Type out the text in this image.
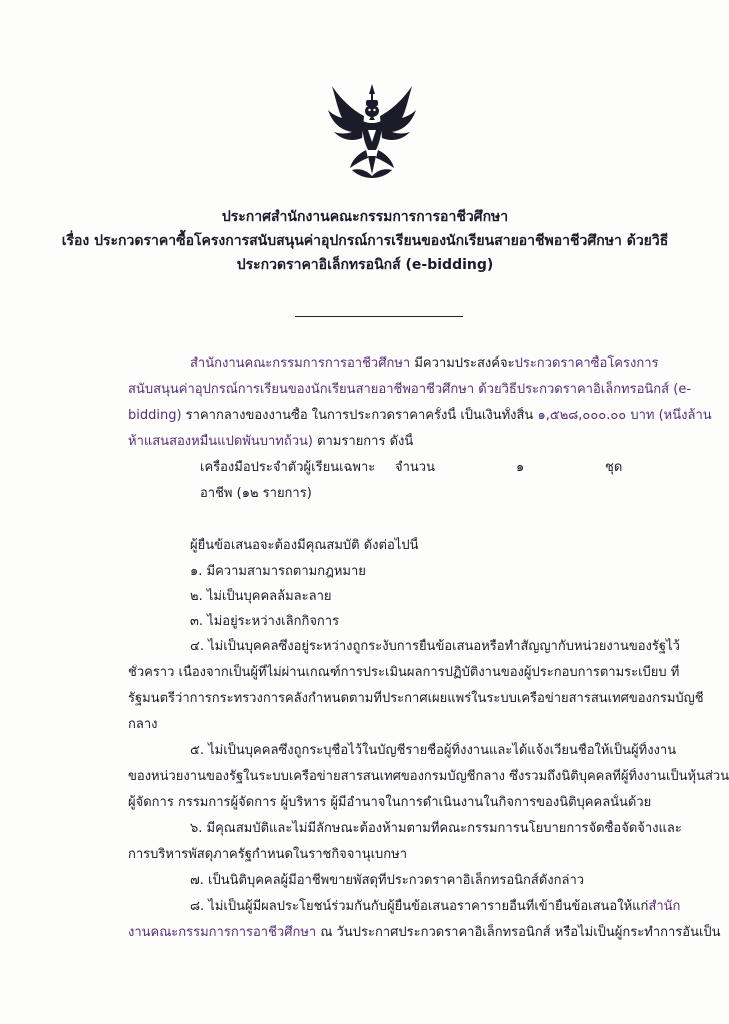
ประกาศสำนักงานคณะกรรมการการอาชีวศึกษา
เรื่อง ประกวดราคาซื้อโครงการสนับสนุนค่าอุปกรณ์การเรียนของนักเรียนสายอาชีพอาชีวศึกษา ด้วยวิธี
ประกวดราคาอิเล็กทรอนิกส์ (e-bidding)
สำนักงานคณะกรรมการการอาชีวศึกษา มีความประสงค์จะประกวดราคาซื้อโครงการ
สนับสนุนค่าอุปกรณ์การเรียนของนักเรียนสายอาชีพอาชีวศึกษา ด้วยวิธีประกวดราคาอิเล็กทรอนิกส์ (e-
bidding) ราคากลางของงานซื้อ ในการประกวดราคาครั้งนี้ เป็นเงินทั้งสิ้น ๑,๕๒๘,๐๐๐.๐๐ บาท (หนึ่งล้าน
ห้าแสนสองหมื่นแปดพันบาทถ้วน) ตามรายการ ดังนี้
เครื่องมือประจำตัวผู้เรียนเฉพาะ จำนวน	๑	ชุด
อาชีพ (๑๒ รายการ)
ผู้ยื่นข้อเสนอจะต้องมีคุณสมบัติ ดังต่อไปนี้
๑. มีความสามารถตามกฎหมาย
๒. ไม่เป็นบุคคลล้มละลาย
๓. ไม่อยู่ระหว่างเลิกกิจการ
๔. ไม่เป็นบุคคลซึ่งอยู่ระหว่างถูกระงับการยื่นข้อเสนอหรือทำสัญญากับหน่วยงานของรัฐไว้
ชั่วคราว เนื่องจากเป็นผู้ที่ไม่ผ่านเกณฑ์การประเมินผลการปฏิบัติงานของผู้ประกอบการตามระเบียบ ที่
รัฐมนตรีว่าการกระทรวงการคลังกำหนดตามที่ประกาศเผยแพร่ในระบบเครือข่ายสารสนเทศของกรมบัญชี
กลาง
๕. ไม่เป็นบุคคลซึ่งถูกระบุชื่อไว้ในบัญชีรายชื่อผู้ทิ้งงานและได้แจ้งเวียนชื่อให้เป็นผู้ทิ้งงาน
ของหน่วยงานของรัฐในระบบเครือข่ายสารสนเทศของกรมบัญชีกลาง ซึ่งรวมถึงนิติบุคคลที่ผู้ทิ้งงานเป็นหุ้นส่วน
ผู้จัดการ กรรมการผู้จัดการ ผู้บริหาร ผู้มีอำนาจในการดำเนินงานในกิจการของนิติบุคคลนั้นด้วย
๖. มีคุณสมบัติและไม่มีลักษณะต้องห้ามตามที่คณะกรรมการนโยบายการจัดซื้อจัดจ้างและ
การบริหารพัสดุภาครัฐกำหนดในราชกิจจานุเบกษา
๗. เป็นนิติบุคคลผู้มีอาชีพขายพัสดุที่ประกวดราคาอิเล็กทรอนิกส์ดังกล่าว
๘. ไม่เป็นผู้มีผลประโยชน์ร่วมกันกับผู้ยื่นข้อเสนอราคารายอื่นที่เข้ายื่นข้อเสนอให้แก่สำนัก
งานคณะกรรมการการอาชีวศึกษา ณ วันประกาศประกวดราคาอิเล็กทรอนิกส์ หรือไม่เป็นผู้กระทำการอันเป็น
